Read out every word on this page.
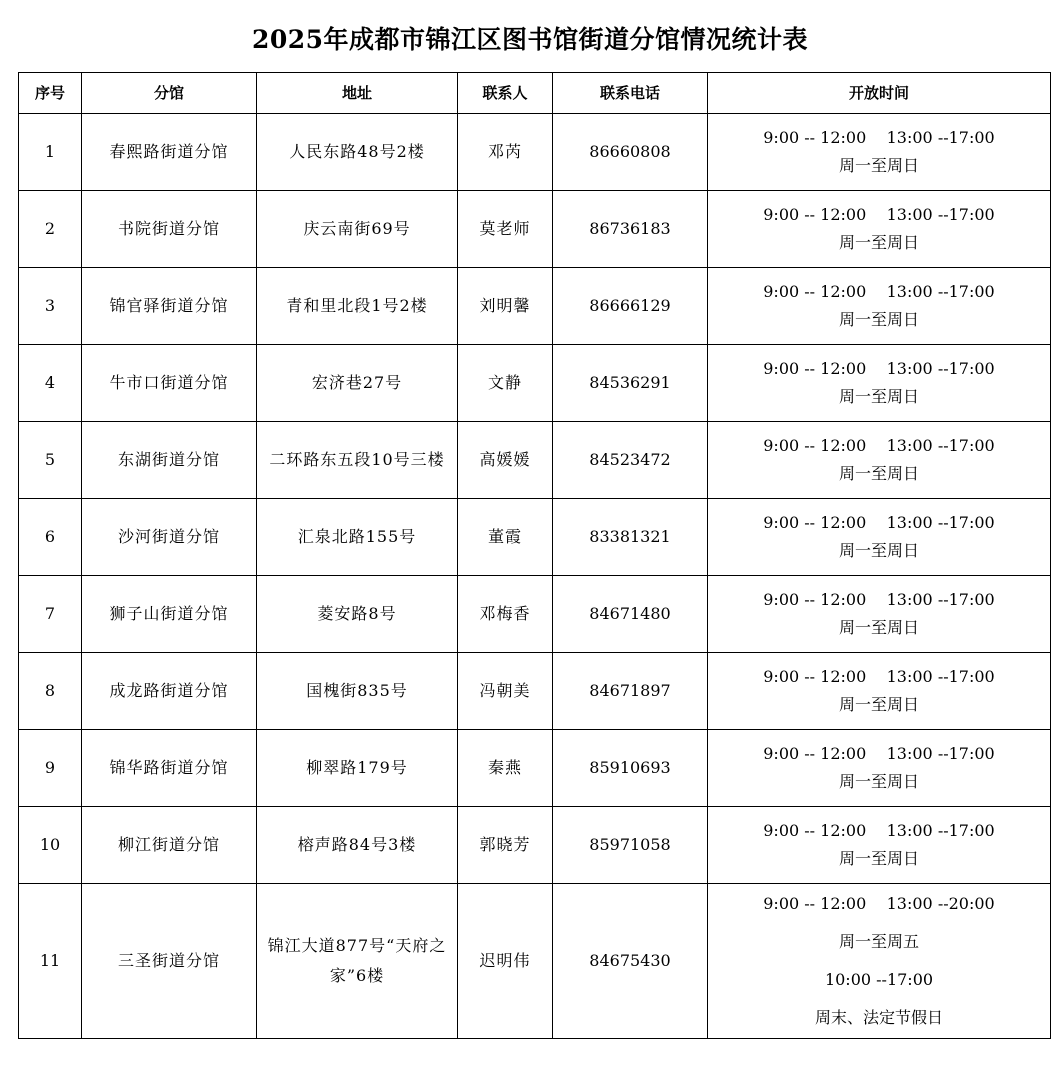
2025年成都市锦江区图书馆街道分馆情况统计表
序号	分馆	地址	联系人	联系电话	开放时间
1	春熙路街道分馆	人民东路48号2楼	邓芮	86660808	9:00 -- 12:00    13:00 --17:00
周一至周日

2	书院街道分馆	庆云南街69号	莫老师	86736183	9:00 -- 12:00    13:00 --17:00
周一至周日

3	锦官驿街道分馆	青和里北段1号2楼	刘明馨	86666129	9:00 -- 12:00    13:00 --17:00
周一至周日

4	牛市口街道分馆	宏济巷27号	文静	84536291	9:00 -- 12:00    13:00 --17:00
周一至周日

5	东湖街道分馆	二环路东五段10号三楼	高媛媛	84523472	9:00 -- 12:00    13:00 --17:00
周一至周日

6	沙河街道分馆	汇泉北路155号	董霞	83381321	9:00 -- 12:00    13:00 --17:00
周一至周日

7	狮子山街道分馆	菱安路8号	邓梅香	84671480	9:00 -- 12:00    13:00 --17:00
周一至周日

8	成龙路街道分馆	国槐街835号	冯朝美	84671897	9:00 -- 12:00    13:00 --17:00
周一至周日

9	锦华路街道分馆	柳翠路179号	秦燕	85910693	9:00 -- 12:00    13:00 --17:00
周一至周日

10	柳江街道分馆	榕声路84号3楼	郭晓芳	85971058	9:00 -- 12:00    13:00 --17:00
周一至周日

11	三圣街道分馆	锦江大道877号“天府之家”6楼	迟明伟	84675430	9:00 -- 12:00    13:00 --20:00
周一至周五
10:00 --17:00
周末、法定节假日
